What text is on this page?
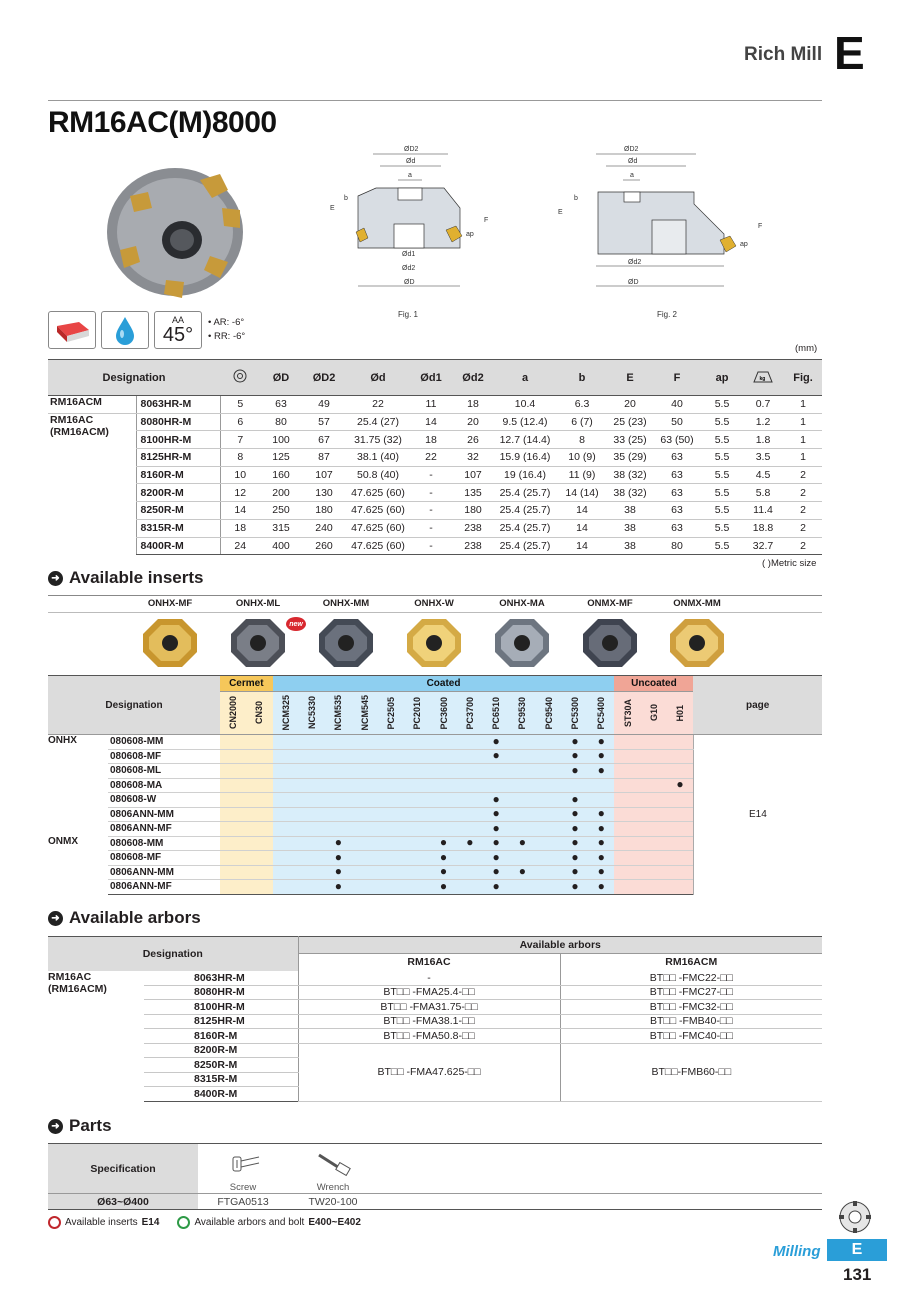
Rich Mill E
RM16AC(M)8000
ØD2
Ød
a
b
E
F
ap
Ød1
Ød2
ØD
ØD2
Ød
a
b
E
F
ap
Ød2
ØD
Fig. 1	Fig. 2
AA
45°
• AR: -6°
• RR: -6°
(mm)
Designation			ØD	ØD2	Ød	Ød1	Ød2	a	b	E	F	ap	kg	Fig.
RM16ACM	8063HR-M	5	63	49	22	11	18	10.4	6.3	20	40	5.5	0.7	1

RM16AC
(RM16ACM)	8080HR-M	6	80	57	25.4 (27)	14	20	9.5 (12.4)	6 (7)	25 (23)	50	5.5	1.2	1
	8100HR-M	7	100	67	31.75 (32)	18	26	12.7 (14.4)	8	33 (25)	63 (50)	5.5	1.8	1
	8125HR-M	8	125	87	38.1 (40)	22	32	15.9 (16.4)	10 (9)	35 (29)	63	5.5	3.5	1
	8160R-M	10	160	107	50.8 (40)	-	107	19 (16.4)	11 (9)	38 (32)	63	5.5	4.5	2
	8200R-M	12	200	130	47.625 (60)	-	135	25.4 (25.7)	14 (14)	38 (32)	63	5.5	5.8	2
	8250R-M	14	250	180	47.625 (60)	-	180	25.4 (25.7)	14	38	63	5.5	11.4	2
	8315R-M	18	315	240	47.625 (60)	-	238	25.4 (25.7)	14	38	63	5.5	18.8	2
	8400R-M	24	400	260	47.625 (60)	-	238	25.4 (25.7)	14	38	80	5.5	32.7	2
( )Metric size
➜ Available inserts
ONHX-MF	ONHX-ML	ONHX-MM	ONHX-W	ONHX-MA	ONMX-MF	ONMX-MM
new
Designation		Cermet		Coated													Uncoated			page

		CN2000	CN30	NCM325	NC5330	NCM535	NCM545	PC2505	PC2010	PC3600	PC3700	PC6510	PC9530	PC9540	PC5300	PC5400	ST30A	G10	H01	

ONHX	080608-MM											●			●	●				E14
	080608-MF											●			●	●				
	080608-ML														●	●				
	080608-MA																		●	
	080608-W											●			●					
	0806ANN-MM											●			●	●				
	0806ANN-MF											●			●	●				
ONMX	080608-MM					●				●	●	●	●		●	●				
	080608-MF					●				●		●			●	●				
	0806ANN-MM					●				●		●	●		●	●				
	0806ANN-MF					●				●		●			●	●				
➜ Available arbors
Designation		Available arbors	
		RM16AC	RM16ACM

RM16AC
(RM16ACM)	8063HR-M	-	BT□□ -FMC22-□□
	8080HR-M	BT□□ -FMA25.4-□□	BT□□ -FMC27-□□
	8100HR-M	BT□□ -FMA31.75-□□	BT□□ -FMC32-□□
	8125HR-M	BT□□ -FMA38.1-□□	BT□□ -FMB40-□□
	8160R-M	BT□□ -FMA50.8-□□	BT□□ -FMC40-□□
	8200R-M	BT□□ -FMA47.625-□□	BT□□-FMB60-□□
	8250R-M		
	8315R-M		
	8400R-M		
➜ Parts
Specification	Screw	Wrench	

Ø63~Ø400	FTGA0513	TW20-100	
Available inserts E14	Available arbors and bolt E400~E402
Milling	E
131
